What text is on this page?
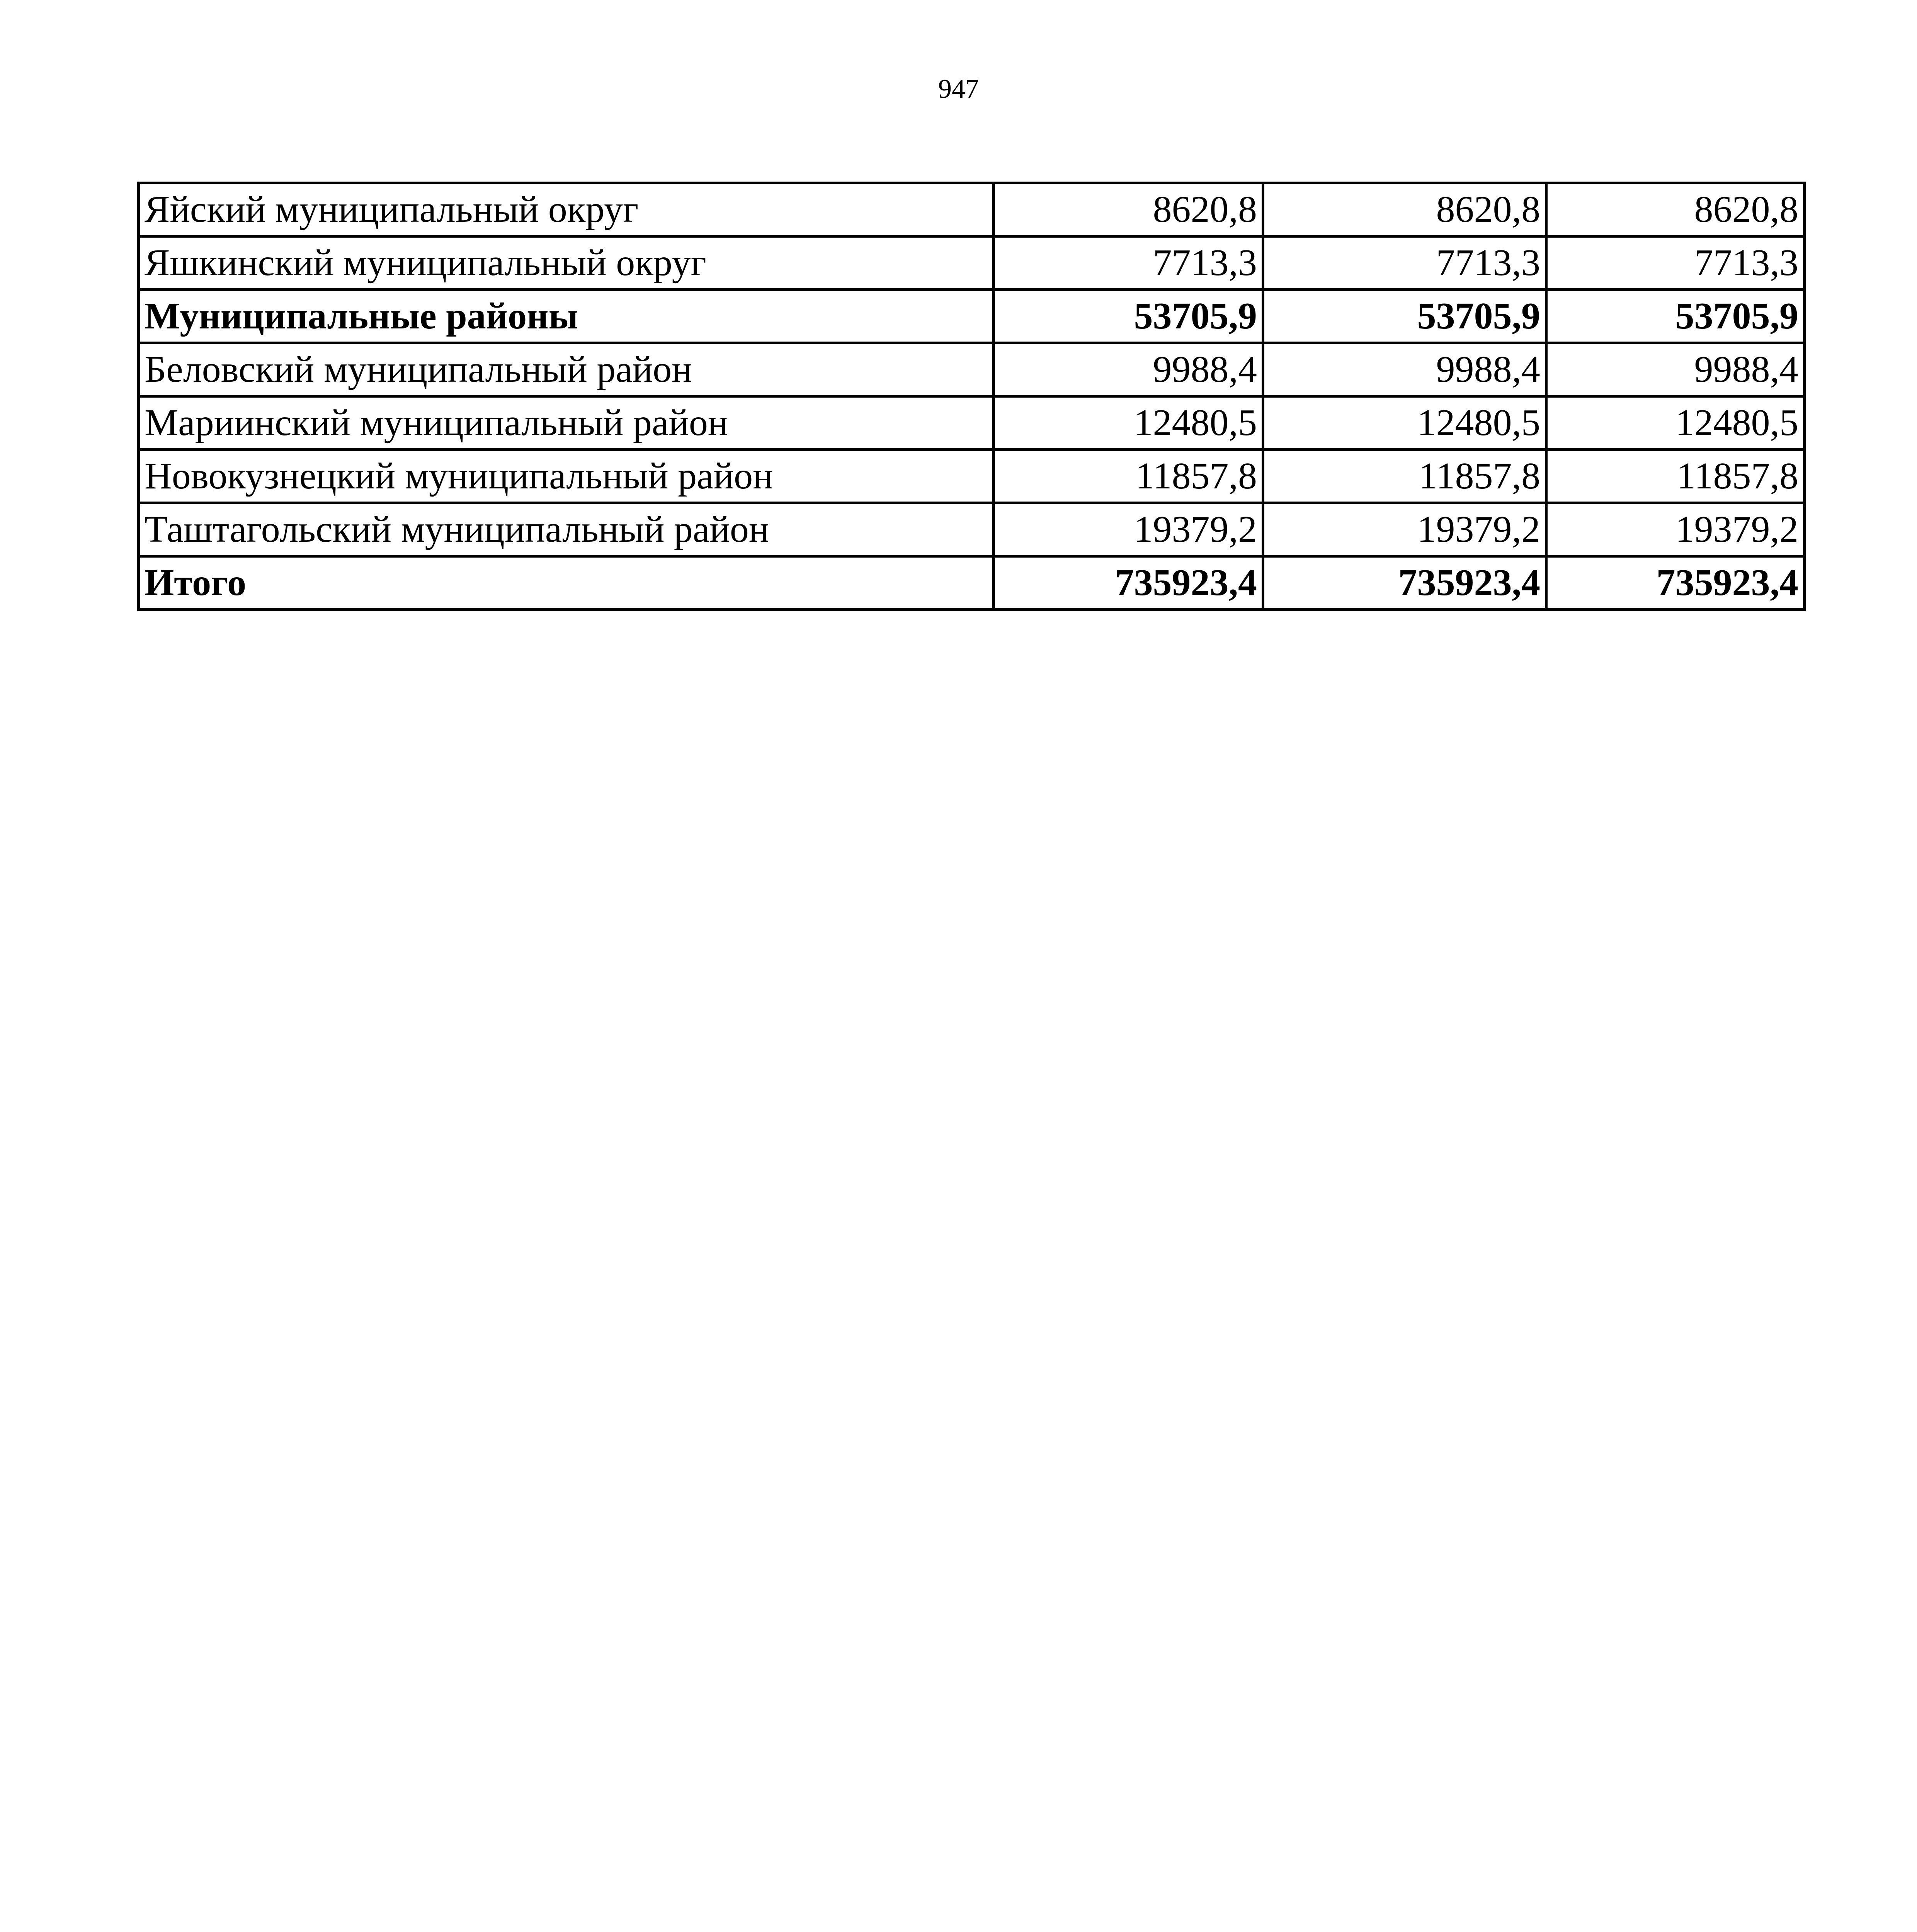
947
Яйский муниципальный округ	8620,8	8620,8	8620,8
Яшкинский муниципальный округ	7713,3	7713,3	7713,3
Муниципальные районы	53705,9	53705,9	53705,9
Беловский муниципальный район	9988,4	9988,4	9988,4
Мариинский муниципальный район	12480,5	12480,5	12480,5
Новокузнецкий муниципальный район	11857,8	11857,8	11857,8
Таштагольский муниципальный район	19379,2	19379,2	19379,2
Итого	735923,4	735923,4	735923,4
